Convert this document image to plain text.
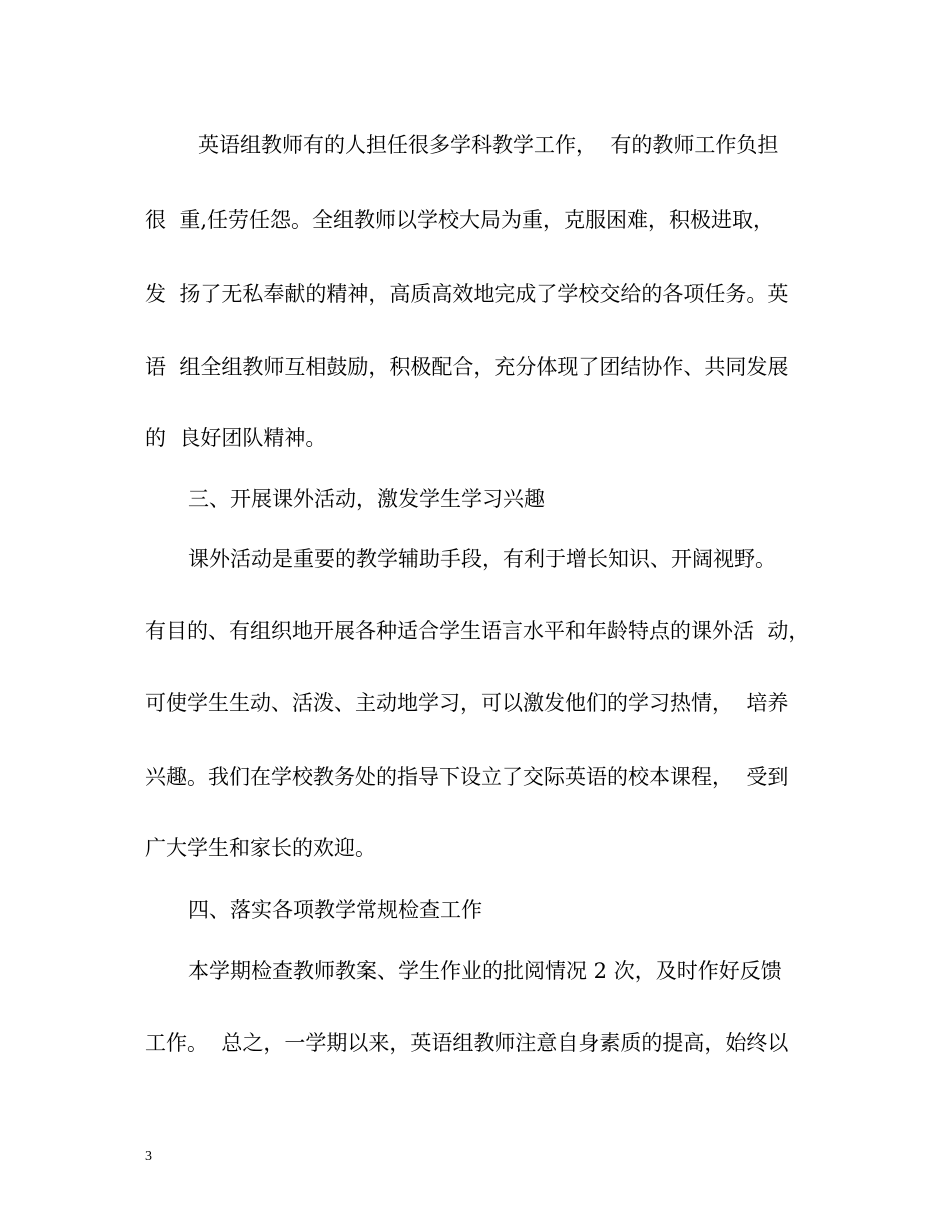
英语组教师有的人担任很多学科教学工作，  有的教师工作负担
很  重,任劳任怨。全组教师以学校大局为重，克服困难，积极进取，
发  扬了无私奉献的精神，高质高效地完成了学校交给的各项任务。英
语  组全组教师互相鼓励，积极配合，充分体现了团结协作、共同发展
的  良好团队精神。
三、开展课外活动，激发学生学习兴趣
课外活动是重要的教学辅助手段，有利于增长知识、开阔视野。
有目的、有组织地开展各种适合学生语言水平和年龄特点的课外活  动，
可使学生生动、活泼、主动地学习，可以激发他们的学习热情，  培养
兴趣。我们在学校教务处的指导下设立了交际英语的校本课程，  受到
广大学生和家长的欢迎。
四、落实各项教学常规检查工作
本学期检查教师教案、学生作业的批阅情况 2 次，及时作好反馈
工作。  总之，一学期以来，英语组教师注意自身素质的提高，始终以
3
